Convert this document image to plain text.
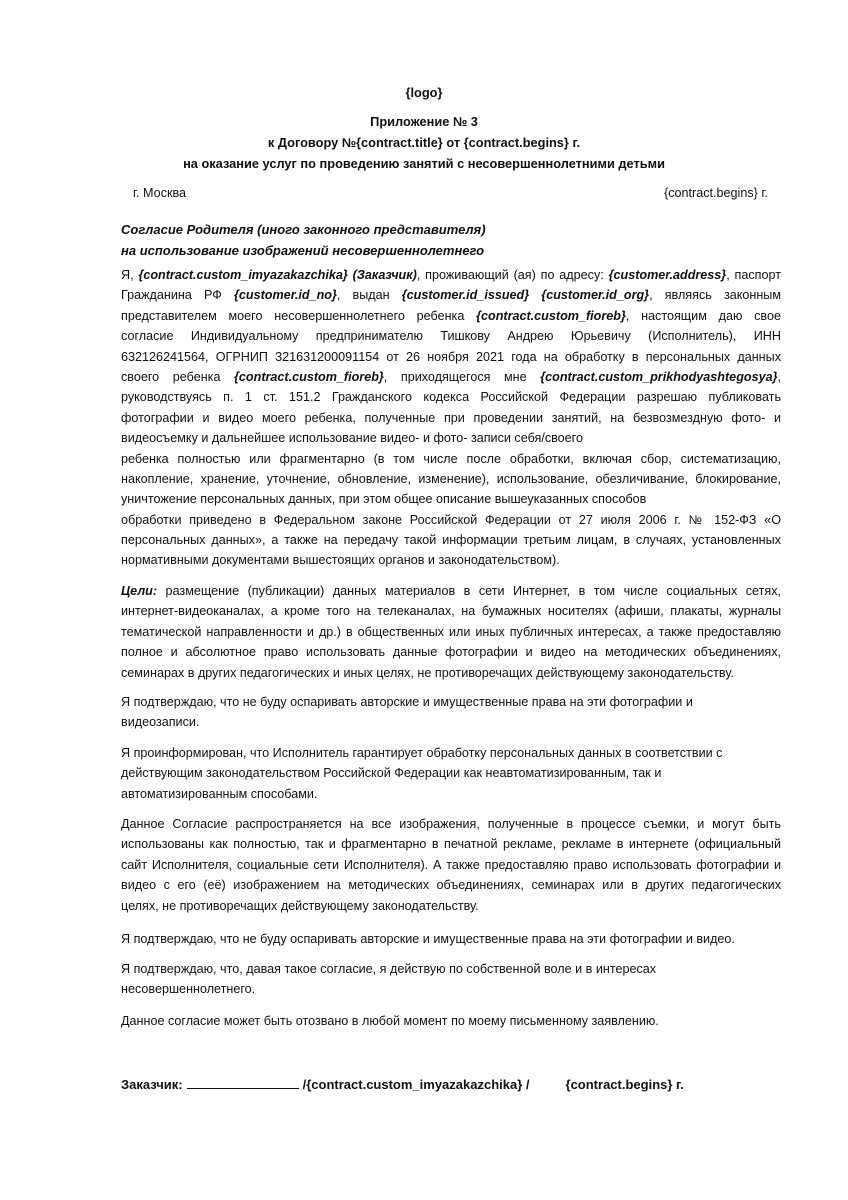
{logo}
Приложение № 3
к Договору №{contract.title} от {contract.begins} г.
на оказание услуг по проведению занятий с несовершеннолетними детьми
г. Москва	{contract.begins} г.
Согласие Родителя (иного законного представителя)
на использование изображений несовершеннолетнего
Я, {contract.custom_imyazakazchika} (Заказчик), проживающий (ая) по адресу: {customer.address}, паспорт
Гражданина РФ {customer.id_no}, выдан {customer.id_issued} {customer.id_org}, являясь законным
представителем моего несовершеннолетнего ребенка {contract.custom_fioreb}, настоящим даю свое
согласие Индивидуальному предпринимателю Тишкову Андрею Юрьевичу (Исполнитель), ИНН
632126241564, ОГРНИП 321631200091154 от 26 ноября 2021 года на обработку в персональных данных
своего ребенка {contract.custom_fioreb}, приходящегося мне {contract.custom_prikhodyashtegosya},
руководствуясь п. 1 ст. 151.2 Гражданского кодекса Российской Федерации разрешаю публиковать
фотографии и видео моего ребенка, полученные при проведении занятий, на безвозмездную фото- и
видеосъемку и дальнейшее использование видео- и фото- записи себя/своего
ребенка полностью или фрагментарно (в том числе после обработки, включая сбор, систематизацию,
накопление, хранение, уточнение, обновление, изменение), использование, обезличивание, блокирование,
уничтожение персональных данных, при этом общее описание вышеуказанных способов
обработки приведено в Федеральном законе Российской Федерации от 27 июля 2006 г. № 152-ФЗ «О
персональных данных», а также на передачу такой информации третьим лицам, в случаях, установленных
нормативными документами вышестоящих органов и законодательством).
Цели: размещение (публикации) данных материалов в сети Интернет, в том числе социальных сетях,
интернет-видеоканалах, а кроме того на телеканалах, на бумажных носителях (афиши, плакаты, журналы
тематической направленности и др.) в общественных или иных публичных интересах, а также предоставляю
полное и абсолютное право использовать данные фотографии и видео на методических объединениях,
семинарах в других педагогических и иных целях, не противоречащих действующему законодательству.
Я подтверждаю, что не буду оспаривать авторские и имущественные права на эти фотографии и
видеозаписи.
Я проинформирован, что Исполнитель гарантирует обработку персональных данных в соответствии с
действующим законодательством Российской Федерации как неавтоматизированным, так и
автоматизированным способами.
Данное Согласие распространяется на все изображения, полученные в процессе съемки, и могут быть
использованы как полностью, так и фрагментарно в печатной рекламе, рекламе в интернете (официальный
сайт Исполнителя, социальные сети Исполнителя). А также предоставляю право использовать фотографии и
видео с его (её) изображением на методических объединениях, семинарах или в других педагогических
целях, не противоречащих действующему законодательству.
Я подтверждаю, что не буду оспаривать авторские и имущественные права на эти фотографии и видео.
Я подтверждаю, что, давая такое согласие, я действую по собственной воле и в интересах
несовершеннолетнего.
Данное согласие может быть отозвано в любой момент по моему письменному заявлению.
Заказчик:	/{contract.custom_imyazakazchika} /	{contract.begins} г.
